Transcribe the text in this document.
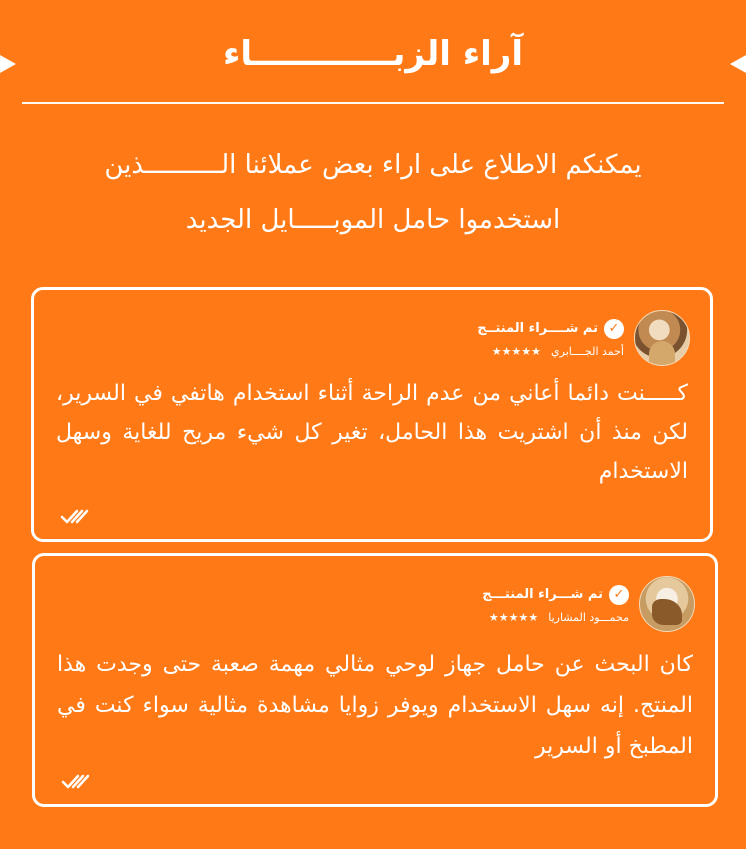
آراء الزبــــــــــــاء
يمكنكم الاطلاع على اراء بعض عملائنا الــــــــــذين
استخدموا حامل الموبـــــايل الجديد
✓
تم شــــراء المنتــج
أحمد الجــــابري
★★★★★
كـــــنت دائما أعاني من عدم الراحة أثناء استخدام هاتفي في السرير، لكن منذ أن اشتريت هذا الحامل، تغير كل شيء مريح للغاية وسهل الاستخدام
✓
تم شـــراء المنتـــج
محمـــود المشاريا
★★★★★
كان البحث عن حامل جهاز لوحي مثالي مهمة صعبة حتى وجدت هذا المنتج. إنه سهل الاستخدام ويوفر زوايا مشاهدة مثالية سواء كنت في المطبخ أو السرير
